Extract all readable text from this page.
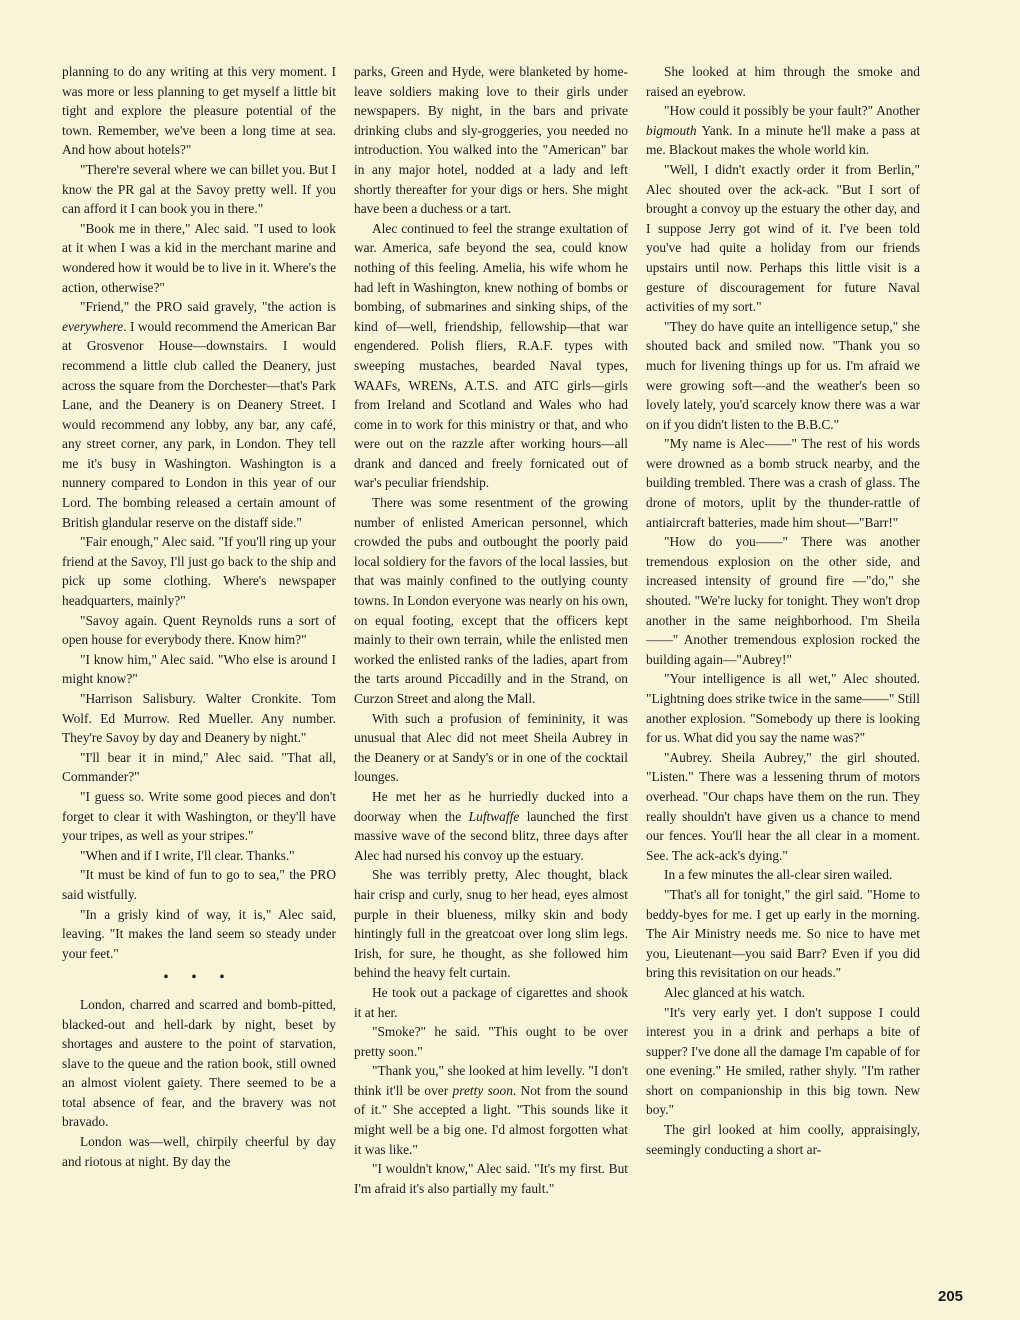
planning to do any writing at this very moment. I was more or less planning to get myself a little bit tight and explore the pleasure potential of the town. Remember, we've been a long time at sea. And how about hotels?"

"There're several where we can billet you. But I know the PR gal at the Savoy pretty well. If you can afford it I can book you in there."

"Book me in there," Alec said. "I used to look at it when I was a kid in the merchant marine and wondered how it would be to live in it. Where's the action, otherwise?"

"Friend," the PRO said gravely, "the action is everywhere. I would recommend the American Bar at Grosvenor House—downstairs. I would recommend a little club called the Deanery, just across the square from the Dorchester—that's Park Lane, and the Deanery is on Deanery Street. I would recommend any lobby, any bar, any café, any street corner, any park, in London. They tell me it's busy in Washington. Washington is a nunnery compared to London in this year of our Lord. The bombing released a certain amount of British glandular reserve on the distaff side."

"Fair enough," Alec said. "If you'll ring up your friend at the Savoy, I'll just go back to the ship and pick up some clothing. Where's newspaper headquarters, mainly?"

"Savoy again. Quent Reynolds runs a sort of open house for everybody there. Know him?"

"I know him," Alec said. "Who else is around I might know?"

"Harrison Salisbury. Walter Cronkite. Tom Wolf. Ed Murrow. Red Mueller. Any number. They're Savoy by day and Deanery by night."

"I'll bear it in mind," Alec said. "That all, Commander?"

"I guess so. Write some good pieces and don't forget to clear it with Washington, or they'll have your tripes, as well as your stripes."

"When and if I write, I'll clear. Thanks."

"It must be kind of fun to go to sea," the PRO said wistfully.

"In a grisly kind of way, it is," Alec said, leaving. "It makes the land seem so steady under your feet."

• • •

London, charred and scarred and bomb-pitted, blacked-out and hell-dark by night, beset by shortages and austere to the point of starvation, slave to the queue and the ration book, still owned an almost violent gaiety. There seemed to be a total absence of fear, and the bravery was not bravado.

London was—well, chirpily cheerful by day and riotous at night. By day the

parks, Green and Hyde, were blanketed by home-leave soldiers making love to their girls under newspapers. By night, in the bars and private drinking clubs and sly-groggeries, you needed no introduction. You walked into the "American" bar in any major hotel, nodded at a lady and left shortly thereafter for your digs or hers. She might have been a duchess or a tart.

Alec continued to feel the strange exultation of war. America, safe beyond the sea, could know nothing of this feeling. Amelia, his wife whom he had left in Washington, knew nothing of bombs or bombing, of submarines and sinking ships, of the kind of—well, friendship, fellowship—that war engendered. Polish fliers, R.A.F. types with sweeping mustaches, bearded Naval types, WAAFs, WRENs, A.T.S. and ATC girls—girls from Ireland and Scotland and Wales who had come in to work for this ministry or that, and who were out on the razzle after working hours—all drank and danced and freely fornicated out of war's peculiar friendship.

There was some resentment of the growing number of enlisted American personnel, which crowded the pubs and outbought the poorly paid local soldiery for the favors of the local lassies, but that was mainly confined to the outlying county towns. In London everyone was nearly on his own, on equal footing, except that the officers kept mainly to their own terrain, while the enlisted men worked the enlisted ranks of the ladies, apart from the tarts around Piccadilly and in the Strand, on Curzon Street and along the Mall.

With such a profusion of femininity, it was unusual that Alec did not meet Sheila Aubrey in the Deanery or at Sandy's or in one of the cocktail lounges.

He met her as he hurriedly ducked into a doorway when the Luftwaffe launched the first massive wave of the second blitz, three days after Alec had nursed his convoy up the estuary.

She was terribly pretty, Alec thought, black hair crisp and curly, snug to her head, eyes almost purple in their blueness, milky skin and body hintingly full in the greatcoat over long slim legs. Irish, for sure, he thought, as she followed him behind the heavy felt curtain.

He took out a package of cigarettes and shook it at her.

"Smoke?" he said. "This ought to be over pretty soon."

"Thank you," she looked at him levelly. "I don't think it'll be over pretty soon. Not from the sound of it." She accepted a light. "This sounds like it might well be a big one. I'd almost forgotten what it was like."

"I wouldn't know," Alec said. "It's my first. But I'm afraid it's also partially my fault."

She looked at him through the smoke and raised an eyebrow.

"How could it possibly be your fault?" Another bigmouth Yank. In a minute he'll make a pass at me. Blackout makes the whole world kin.

"Well, I didn't exactly order it from Berlin," Alec shouted over the ack-ack. "But I sort of brought a convoy up the estuary the other day, and I suppose Jerry got wind of it. I've been told you've had quite a holiday from our friends upstairs until now. Perhaps this little visit is a gesture of discouragement for future Naval activities of my sort."

"They do have quite an intelligence setup," she shouted back and smiled now. "Thank you so much for livening things up for us. I'm afraid we were growing soft—and the weather's been so lovely lately, you'd scarcely know there was a war on if you didn't listen to the B.B.C."

"My name is Alec——" The rest of his words were drowned as a bomb struck nearby, and the building trembled. There was a crash of glass. The drone of motors, uplit by the thunder-rattle of antiaircraft batteries, made him shout—"Barr!"

"How do you——" There was another tremendous explosion on the other side, and increased intensity of ground fire —"do," she shouted. "We're lucky for tonight. They won't drop another in the same neighborhood. I'm Sheila——" Another tremendous explosion rocked the building again—"Aubrey!"

"Your intelligence is all wet," Alec shouted. "Lightning does strike twice in the same——" Still another explosion. "Somebody up there is looking for us. What did you say the name was?"

"Aubrey. Sheila Aubrey," the girl shouted. "Listen." There was a lessening thrum of motors overhead. "Our chaps have them on the run. They really shouldn't have given us a chance to mend our fences. You'll hear the all clear in a moment. See. The ack-ack's dying."

In a few minutes the all-clear siren wailed.

"That's all for tonight," the girl said. "Home to beddy-byes for me. I get up early in the morning. The Air Ministry needs me. So nice to have met you, Lieutenant—you said Barr? Even if you did bring this revisitation on our heads."

Alec glanced at his watch.

"It's very early yet. I don't suppose I could interest you in a drink and perhaps a bite of supper? I've done all the damage I'm capable of for one evening." He smiled, rather shyly. "I'm rather short on companionship in this big town. New boy."

The girl looked at him coolly, appraisingly, seemingly conducting a short ar-

205
